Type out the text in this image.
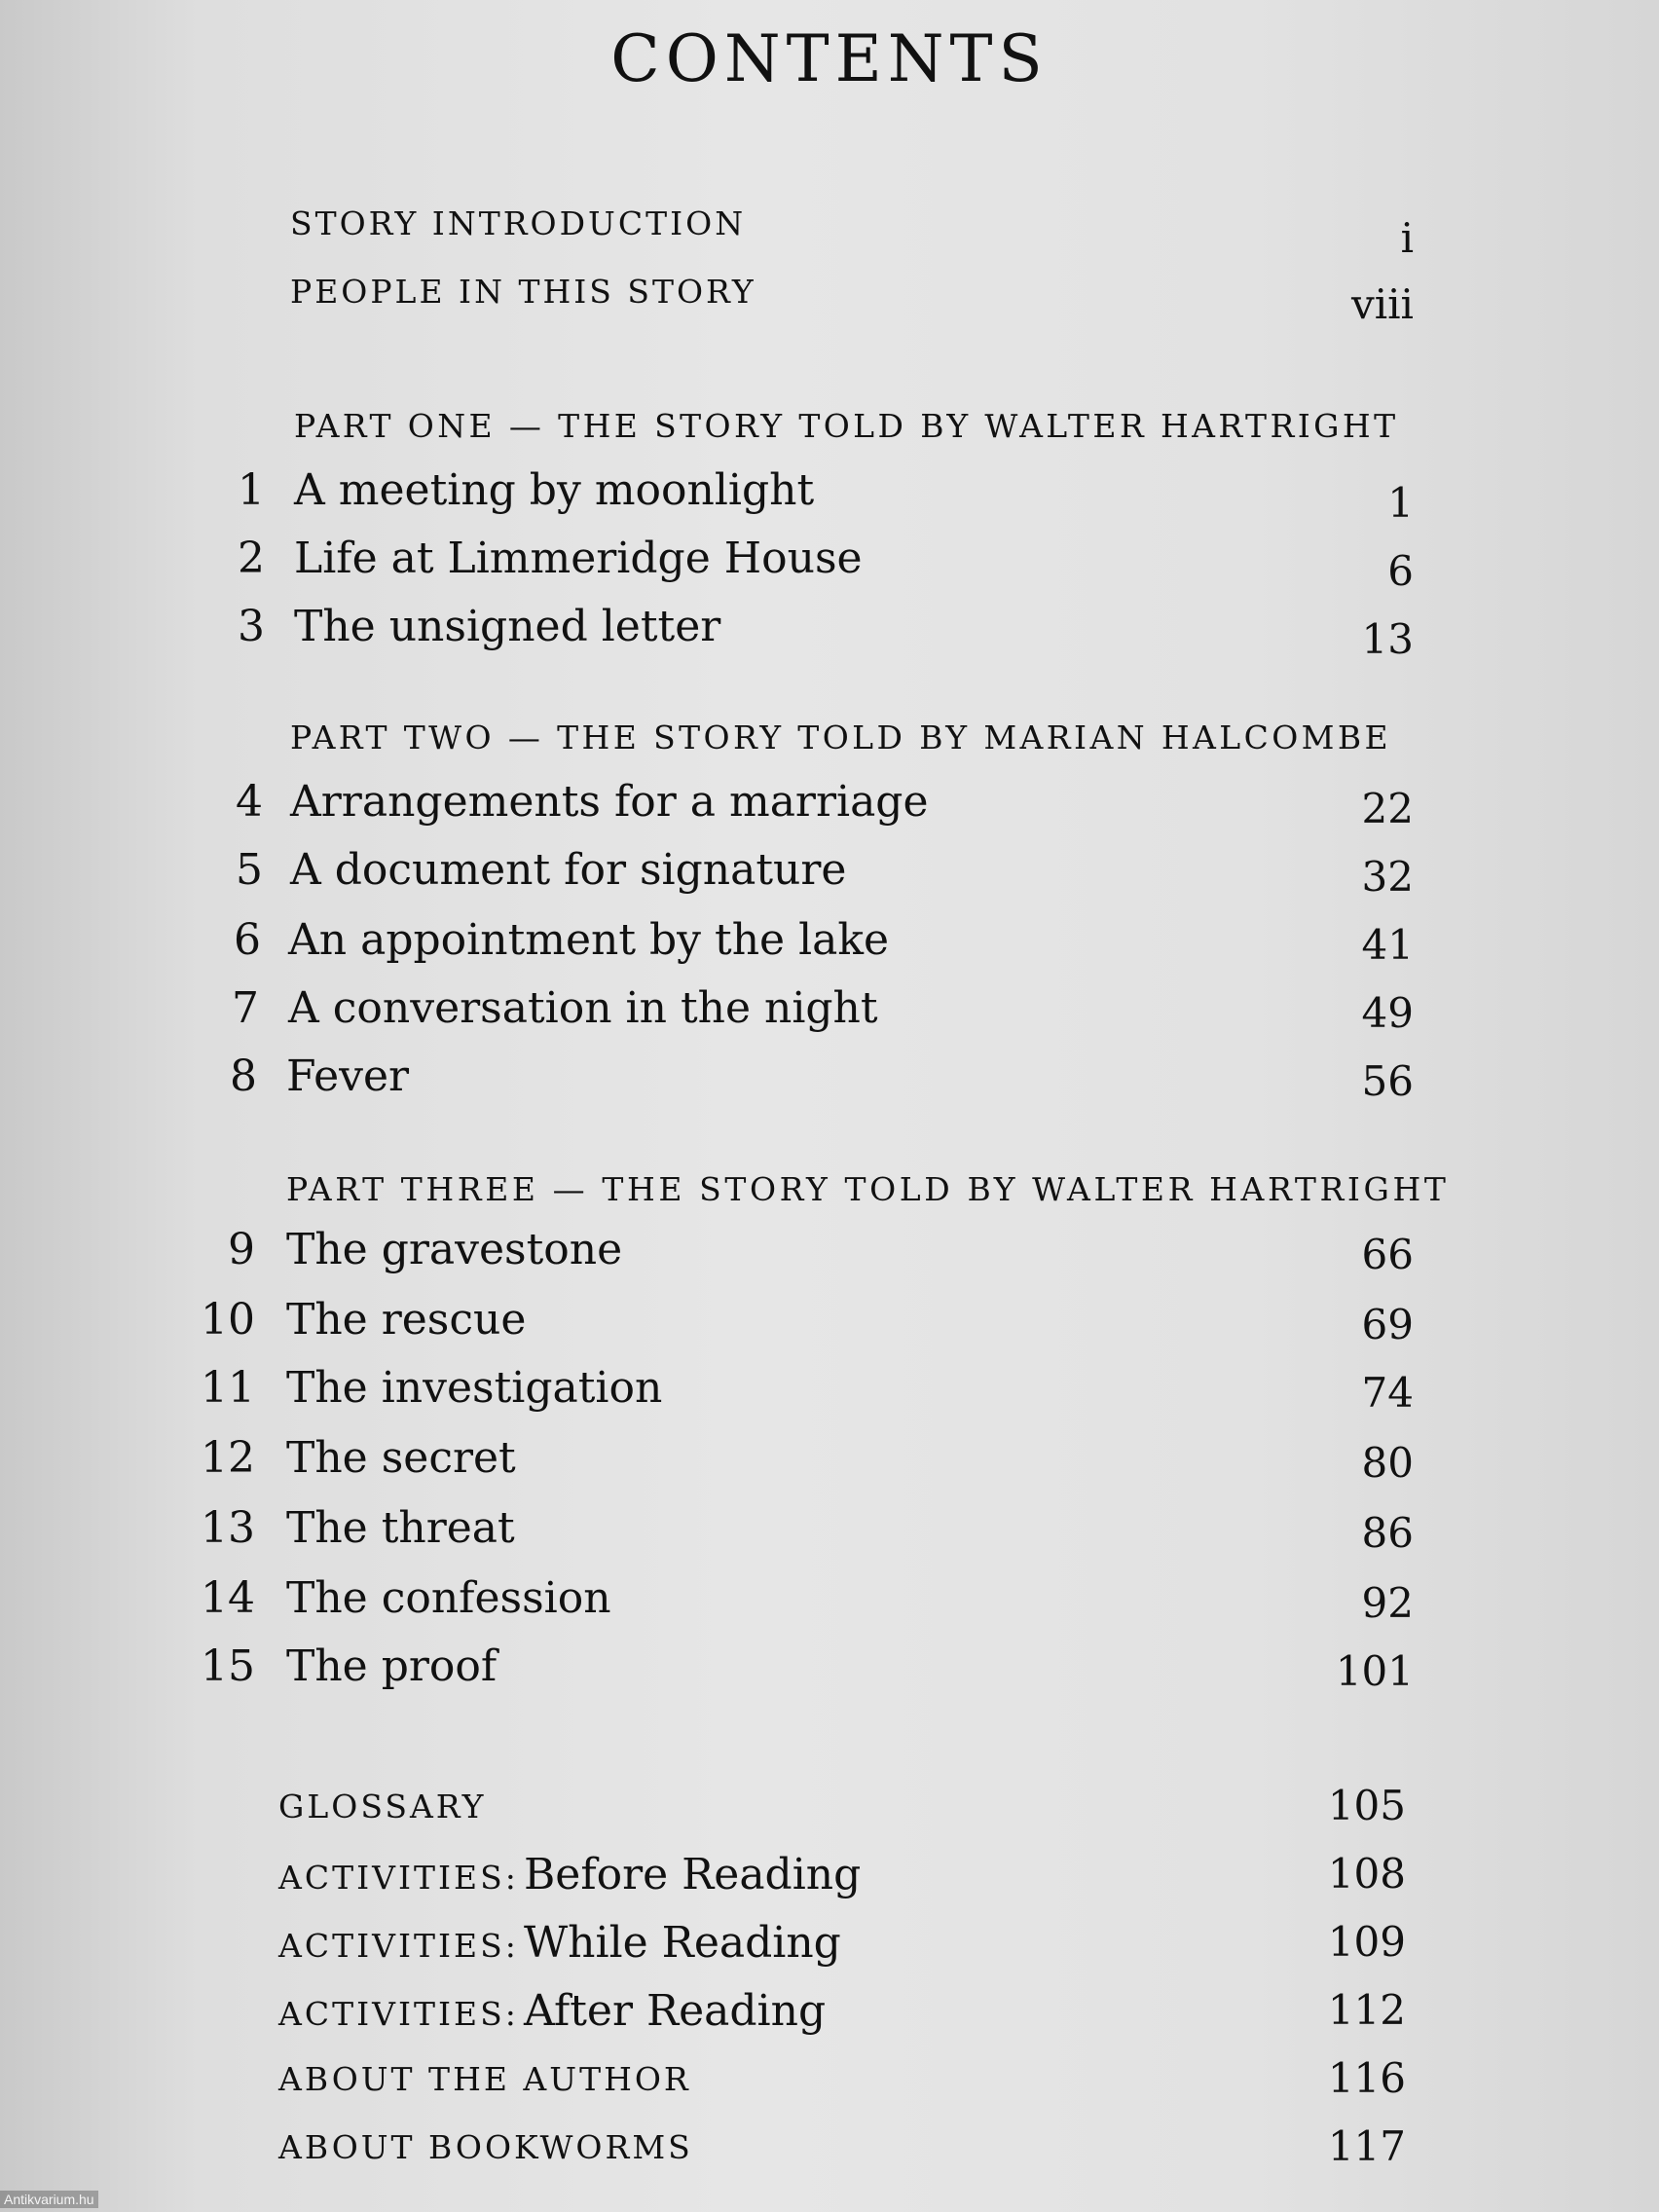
CONTENTS
STORY INTRODUCTION	i
PEOPLE IN THIS STORY	viii
PART ONE — THE STORY TOLD BY WALTER HARTRIGHT
1 A meeting by moonlight	1
2 Life at Limmeridge House	6
3 The unsigned letter	13
PART TWO — THE STORY TOLD BY MARIAN HALCOMBE
4 Arrangements for a marriage	22
5 A document for signature	32
6 An appointment by the lake	41
7 A conversation in the night	49
8 Fever	56
PART THREE — THE STORY TOLD BY WALTER HARTRIGHT
9 The gravestone	66
10 The rescue	69
11 The investigation	74
12 The secret	80
13 The threat	86
14 The confession	92
15 The proof	101
GLOSSARY	105
ACTIVITIES: Before Reading	108
ACTIVITIES: While Reading	109
ACTIVITIES: After Reading	112
ABOUT THE AUTHOR	116
ABOUT BOOKWORMS	117
Antikvarium.hu
